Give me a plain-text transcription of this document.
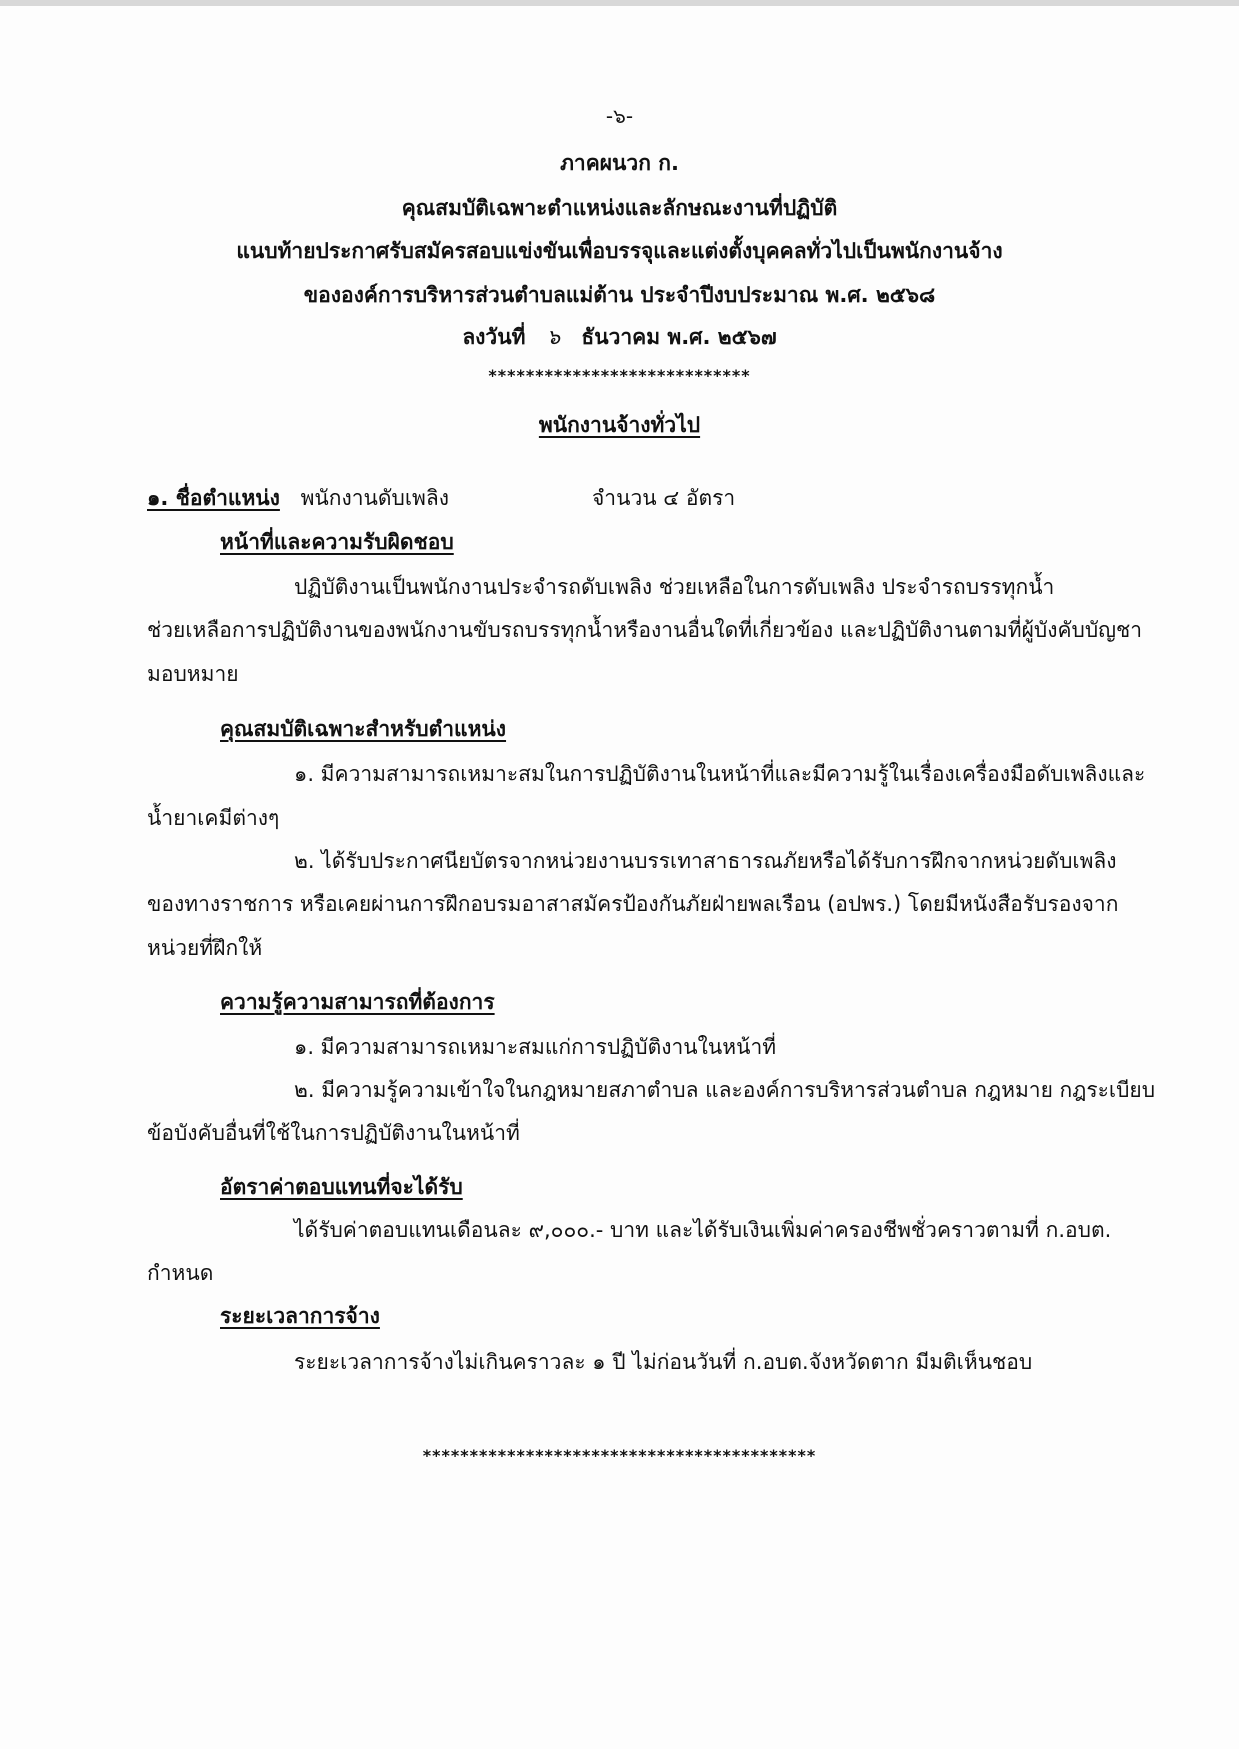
-๖-
ภาคผนวก ก.
คุณสมบัติเฉพาะตำแหน่งและลักษณะงานที่ปฏิบัติ
แนบท้ายประกาศรับสมัครสอบแข่งขันเพื่อบรรจุและแต่งตั้งบุคคลทั่วไปเป็นพนักงานจ้าง
ขององค์การบริหารส่วนตำบลแม่ต้าน ประจำปีงบประมาณ พ.ศ. ๒๕๖๘
ลงวันที่ ๖ ธันวาคม พ.ศ. ๒๕๖๗
****************************
พนักงานจ้างทั่วไป
๑. ชื่อตำแหน่ง พนักงานดับเพลิง	จำนวน ๔ อัตรา
หน้าที่และความรับผิดชอบ
ปฏิบัติงานเป็นพนักงานประจำรถดับเพลิง ช่วยเหลือในการดับเพลิง ประจำรถบรรทุกน้ำ
ช่วยเหลือการปฏิบัติงานของพนักงานขับรถบรรทุกน้ำหรืองานอื่นใดที่เกี่ยวข้อง และปฏิบัติงานตามที่ผู้บังคับบัญชา
มอบหมาย
คุณสมบัติเฉพาะสำหรับตำแหน่ง
๑. มีความสามารถเหมาะสมในการปฏิบัติงานในหน้าที่และมีความรู้ในเรื่องเครื่องมือดับเพลิงและ
น้ำยาเคมีต่างๆ
๒. ได้รับประกาศนียบัตรจากหน่วยงานบรรเทาสาธารณภัยหรือได้รับการฝึกจากหน่วยดับเพลิง
ของทางราชการ หรือเคยผ่านการฝึกอบรมอาสาสมัครป้องกันภัยฝ่ายพลเรือน (อปพร.) โดยมีหนังสือรับรองจาก
หน่วยที่ฝึกให้
ความรู้ความสามารถที่ต้องการ
๑. มีความสามารถเหมาะสมแก่การปฏิบัติงานในหน้าที่
๒. มีความรู้ความเข้าใจในกฎหมายสภาตำบล และองค์การบริหารส่วนตำบล กฎหมาย กฎระเบียบ
ข้อบังคับอื่นที่ใช้ในการปฏิบัติงานในหน้าที่
อัตราค่าตอบแทนที่จะได้รับ
ได้รับค่าตอบแทนเดือนละ ๙,๐๐๐.- บาท และได้รับเงินเพิ่มค่าครองชีพชั่วคราวตามที่ ก.อบต.
กำหนด
ระยะเวลาการจ้าง
ระยะเวลาการจ้างไม่เกินคราวละ ๑ ปี ไม่ก่อนวันที่ ก.อบต.จังหวัดตาก มีมติเห็นชอบ
******************************************
